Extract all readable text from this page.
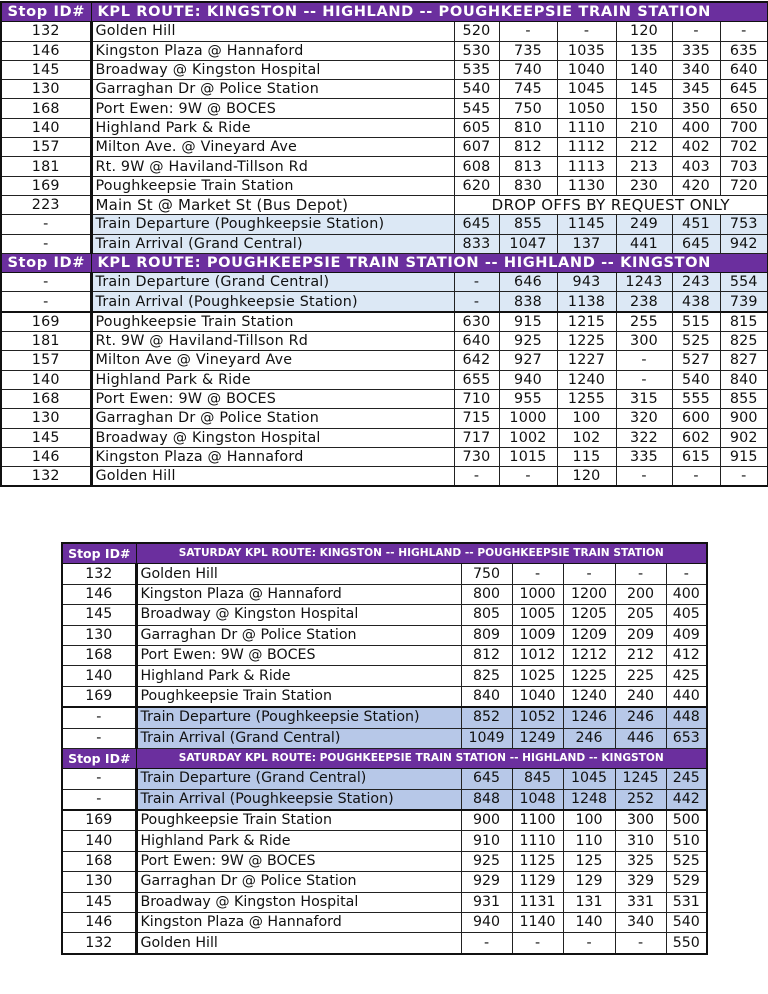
Stop ID#	KPL ROUTE: KINGSTON -- HIGHLAND -- POUGHKEEPSIE TRAIN STATION						
132	Golden Hill	520	-	-	120	-	-
146	Kingston Plaza @ Hannaford	530	735	1035	135	335	635
145	Broadway @ Kingston Hospital	535	740	1040	140	340	640
130	Garraghan Dr @ Police Station	540	745	1045	145	345	645
168	Port Ewen: 9W @ BOCES	545	750	1050	150	350	650
140	Highland Park & Ride	605	810	1110	210	400	700
157	Milton Ave. @ Vineyard Ave	607	812	1112	212	402	702
181	Rt. 9W @ Haviland-Tillson Rd	608	813	1113	213	403	703
169	Poughkeepsie Train Station	620	830	1130	230	420	720
223	Main St @ Market St (Bus Depot)	DROP OFFS BY REQUEST ONLY					
-	Train Departure (Poughkeepsie Station)	645	855	1145	249	451	753
-	Train Arrival (Grand Central)	833	1047	137	441	645	942
Stop ID#	KPL ROUTE: POUGHKEEPSIE TRAIN STATION -- HIGHLAND -- KINGSTON						
-	Train Departure (Grand Central)	-	646	943	1243	243	554
-	Train Arrival (Poughkeepsie Station)	-	838	1138	238	438	739
169	Poughkeepsie Train Station	630	915	1215	255	515	815
181	Rt. 9W @ Haviland-Tillson Rd	640	925	1225	300	525	825
157	Milton Ave @ Vineyard Ave	642	927	1227	-	527	827
140	Highland Park & Ride	655	940	1240	-	540	840
168	Port Ewen: 9W @ BOCES	710	955	1255	315	555	855
130	Garraghan Dr @ Police Station	715	1000	100	320	600	900
145	Broadway @ Kingston Hospital	717	1002	102	322	602	902
146	Kingston Plaza @ Hannaford	730	1015	115	335	615	915
132	Golden Hill	-	-	120	-	-	-
Stop ID#	SATURDAY KPL ROUTE: KINGSTON -- HIGHLAND -- POUGHKEEPSIE TRAIN STATION					
132	Golden Hill	750	-	-	-	-
146	Kingston Plaza @ Hannaford	800	1000	1200	200	400
145	Broadway @ Kingston Hospital	805	1005	1205	205	405
130	Garraghan Dr @ Police Station	809	1009	1209	209	409
168	Port Ewen: 9W @ BOCES	812	1012	1212	212	412
140	Highland Park & Ride	825	1025	1225	225	425
169	Poughkeepsie Train Station	840	1040	1240	240	440
-	Train Departure (Poughkeepsie Station)	852	1052	1246	246	448
-	Train Arrival (Grand Central)	1049	1249	246	446	653
Stop ID#	SATURDAY KPL ROUTE: POUGHKEEPSIE TRAIN STATION -- HIGHLAND -- KINGSTON					
-	Train Departure (Grand Central)	645	845	1045	1245	245
-	Train Arrival (Poughkeepsie Station)	848	1048	1248	252	442
169	Poughkeepsie Train Station	900	1100	100	300	500
140	Highland Park & Ride	910	1110	110	310	510
168	Port Ewen: 9W @ BOCES	925	1125	125	325	525
130	Garraghan Dr @ Police Station	929	1129	129	329	529
145	Broadway @ Kingston Hospital	931	1131	131	331	531
146	Kingston Plaza @ Hannaford	940	1140	140	340	540
132	Golden Hill	-	-	-	-	550
